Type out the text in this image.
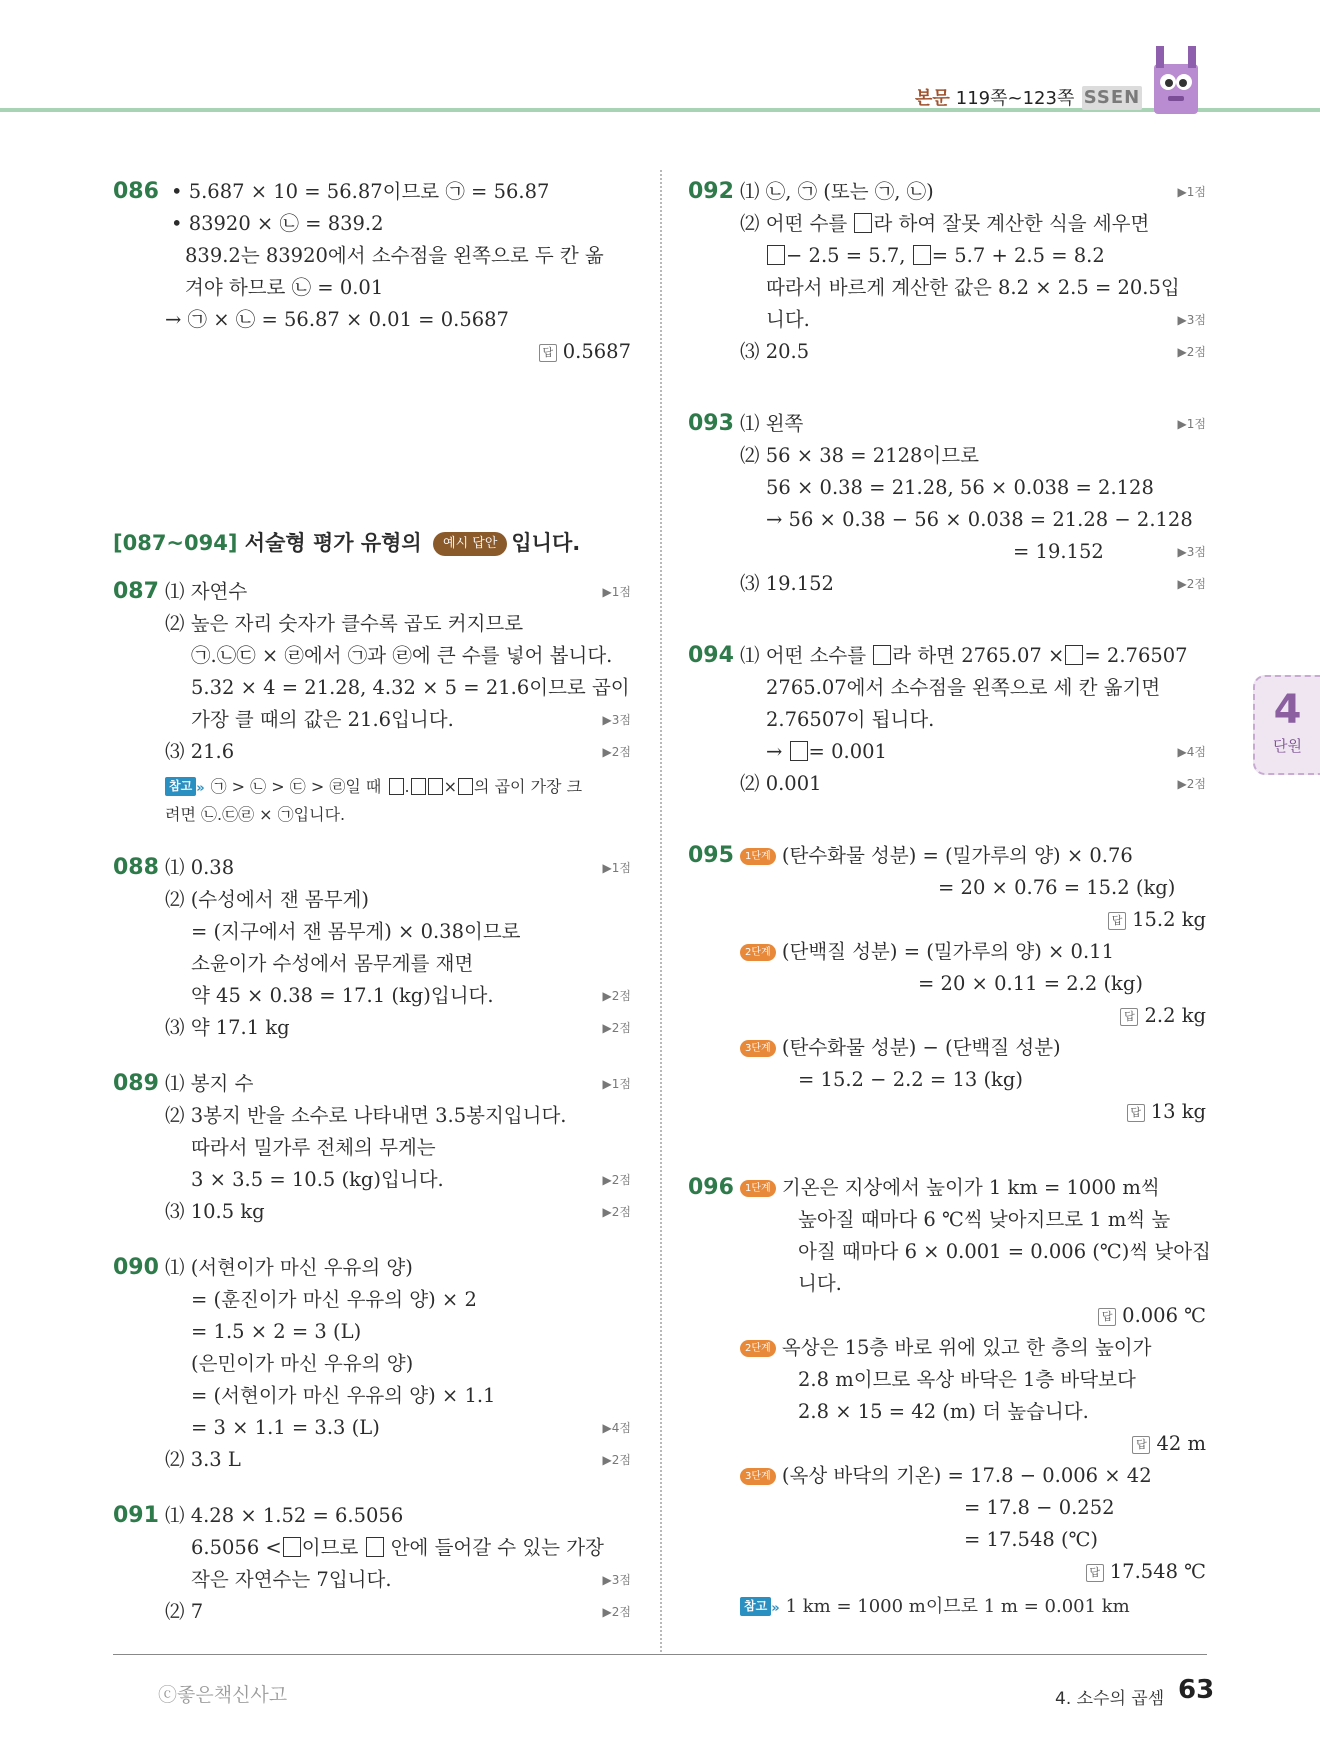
본문 119쪽~123쪽 SSEN
4
단원
086 • 5.687 × 10 = 56.87이므로 ㉠ = 56.87
• 83920 × ㉡ = 839.2
839.2는 83920에서 소수점을 왼쪽으로 두 칸 옮
겨야 하므로 ㉡ = 0.01
→ ㉠ × ㉡ = 56.87 × 0.01 = 0.5687
답 0.5687
[087~094] 서술형 평가 유형의 예시 답안 입니다.
087 ⑴ 자연수	▶1점
⑵ 높은 자리 숫자가 클수록 곱도 커지므로
㉠.㉡㉢ × ㉣에서 ㉠과 ㉣에 큰 수를 넣어 봅니다.
5.32 × 4 = 21.28, 4.32 × 5 = 21.6이므로 곱이
가장 클 때의 값은 21.6입니다.	▶3점
⑶ 21.6	▶2점
참고 » ㉠ > ㉡ > ㉢ > ㉣일 때 . × 의 곱이 가장 크
려면 ㉡.㉢㉣ × ㉠입니다.
088 ⑴ 0.38	▶1점
⑵ (수성에서 잰 몸무게)
= (지구에서 잰 몸무게) × 0.38이므로
소윤이가 수성에서 몸무게를 재면
약 45 × 0.38 = 17.1 (kg)입니다.	▶2점
⑶ 약 17.1 kg	▶2점
089 ⑴ 봉지 수	▶1점
⑵ 3봉지 반을 소수로 나타내면 3.5봉지입니다.
따라서 밀가루 전체의 무게는
3 × 3.5 = 10.5 (kg)입니다.	▶2점
⑶ 10.5 kg	▶2점
090 ⑴ (서현이가 마신 우유의 양)
= (훈진이가 마신 우유의 양) × 2
= 1.5 × 2 = 3 (L)
(은민이가 마신 우유의 양)
= (서현이가 마신 우유의 양) × 1.1
= 3 × 1.1 = 3.3 (L)	▶4점
⑵ 3.3 L	▶2점
091 ⑴ 4.28 × 1.52 = 6.5056
6.5056 < 이므로 안에 들어갈 수 있는 가장
작은 자연수는 7입니다.	▶3점
⑵ 7	▶2점
092 ⑴ ㉡, ㉠ (또는 ㉠, ㉡)	▶1점
⑵ 어떤 수를 라 하여 잘못 계산한 식을 세우면
− 2.5 = 5.7, = 5.7 + 2.5 = 8.2
따라서 바르게 계산한 값은 8.2 × 2.5 = 20.5입
니다.	▶3점
⑶ 20.5	▶2점
093 ⑴ 왼쪽	▶1점
⑵ 56 × 38 = 2128이므로
56 × 0.38 = 21.28, 56 × 0.038 = 2.128
→ 56 × 0.38 − 56 × 0.038 = 21.28 − 2.128
= 19.152	▶3점
⑶ 19.152	▶2점
094 ⑴ 어떤 소수를 라 하면 2765.07 × = 2.76507
2765.07에서 소수점을 왼쪽으로 세 칸 옮기면
2.76507이 됩니다.
→ = 0.001	▶4점
⑵ 0.001	▶2점
095	1단계 (탄수화물 성분) = (밀가루의 양) × 0.76
= 20 × 0.76 = 15.2 (kg)
답 15.2 kg
2단계 (단백질 성분) = (밀가루의 양) × 0.11
= 20 × 0.11 = 2.2 (kg)
답 2.2 kg
3단계 (탄수화물 성분) − (단백질 성분)
= 15.2 − 2.2 = 13 (kg)
답 13 kg
096	1단계 기온은 지상에서 높이가 1 km = 1000 m씩
높아질 때마다 6 ℃씩 낮아지므로 1 m씩 높
아질 때마다 6 × 0.001 = 0.006 (℃)씩 낮아집
니다.
답 0.006 ℃
2단계 옥상은 15층 바로 위에 있고 한 층의 높이가
2.8 m이므로 옥상 바닥은 1층 바닥보다
2.8 × 15 = 42 (m) 더 높습니다.
답 42 m
3단계 (옥상 바닥의 기온) = 17.8 − 0.006 × 42
= 17.8 − 0.252
= 17.548 (℃)
답 17.548 ℃
참고 » 1 km = 1000 m이므로 1 m = 0.001 km
ⓒ좋은책신사고	4. 소수의 곱셈 63
